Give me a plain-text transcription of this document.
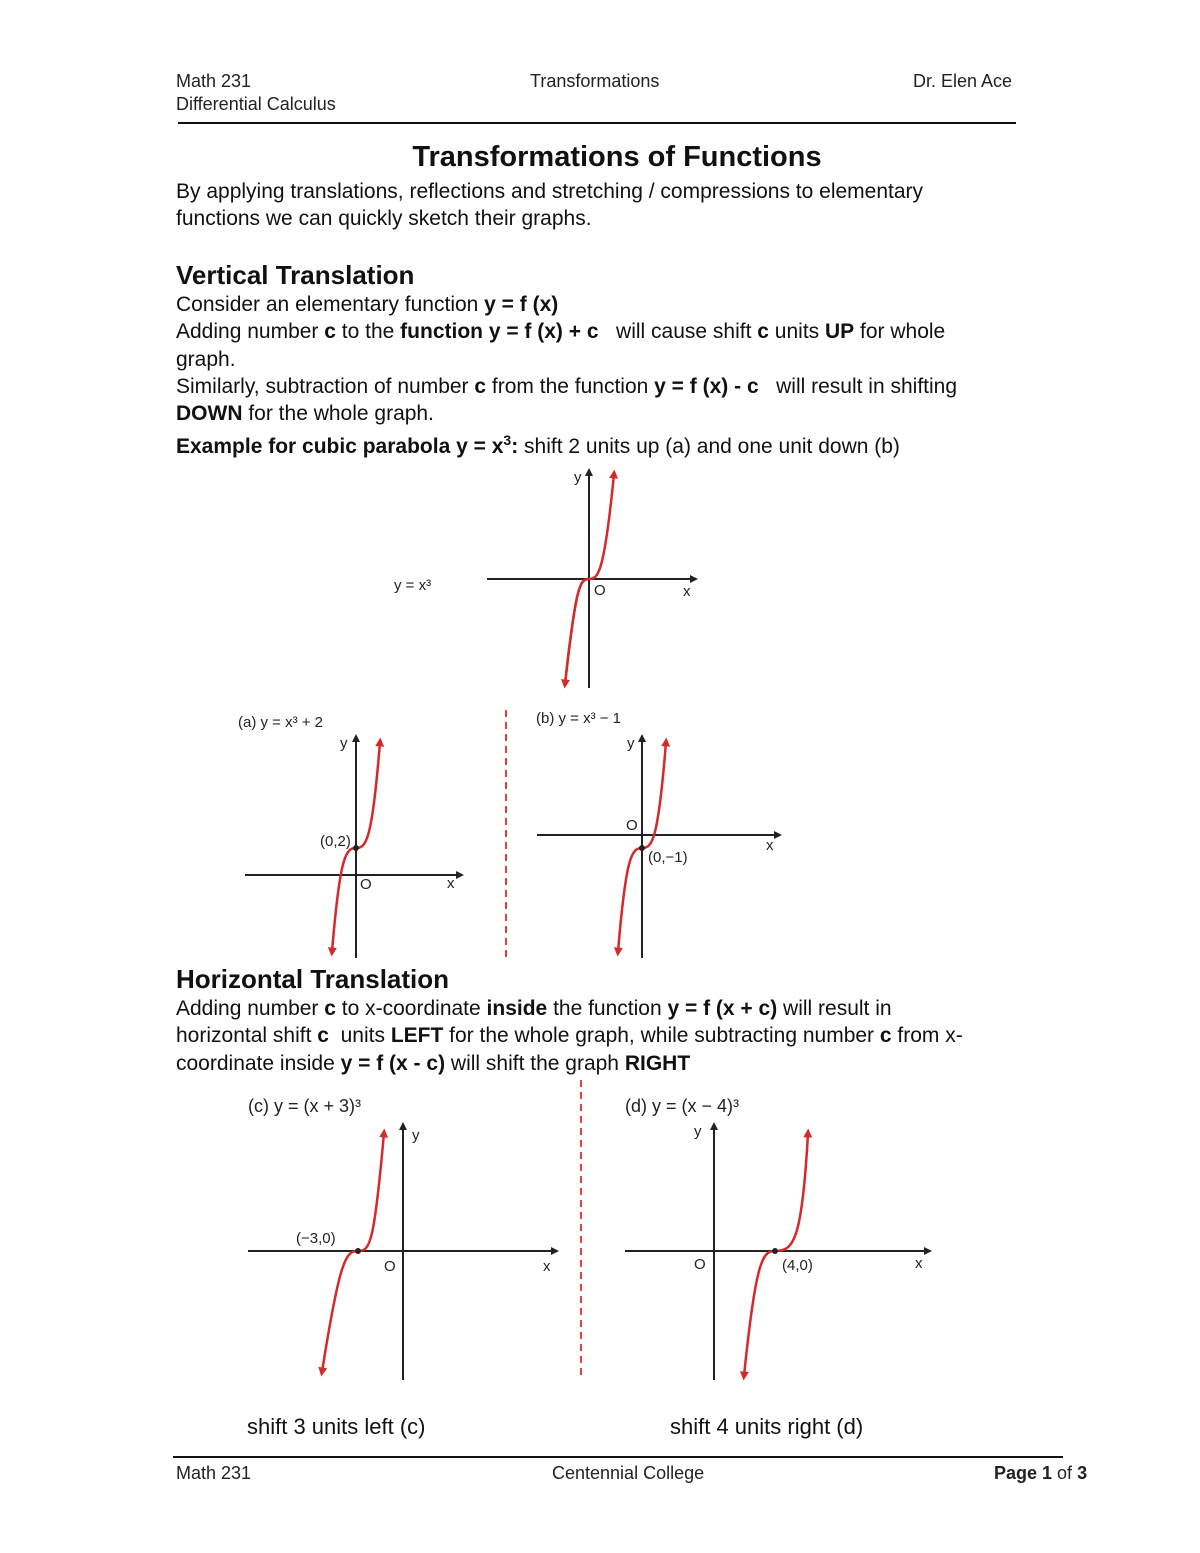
Math 231
Differential Calculus
Transformations	Dr. Elen Ace
Transformations of Functions

By applying translations, reflections and stretching / compressions to elementary

functions we can quickly sketch their graphs.

Vertical Translation

Consider an elementary function y = f (x)

Adding number c to the function y = f (x) + c   will cause shift c units UP for whole

graph.

Similarly, subtraction of number c from the function y = f (x) - c   will result in shifting

DOWN for the whole graph.

Example for cubic parabola $y = x^3$: shift 2 units up (a) and one unit down (b)

y = x³
y
x
O
(a) y = x³ + 2
(0,2)
y
x
O
(b) y = x³ − 1
(0,−1)
y
x
O
(c) y = (x + 3)³
(−3,0)
y
x
O
(d) y = (x − 4)³
(4,0)
y
x
O
Horizontal Translation

Adding number c to x-coordinate inside the function y = f (x + c) will result in

horizontal shift c  units LEFT for the whole graph, while subtracting number c from x-

coordinate inside y = f (x - c) will shift the graph RIGHT

shift 3 units left (c)	shift 4 units right (d)
Math 231	Centennial College	Page 1 of 3
